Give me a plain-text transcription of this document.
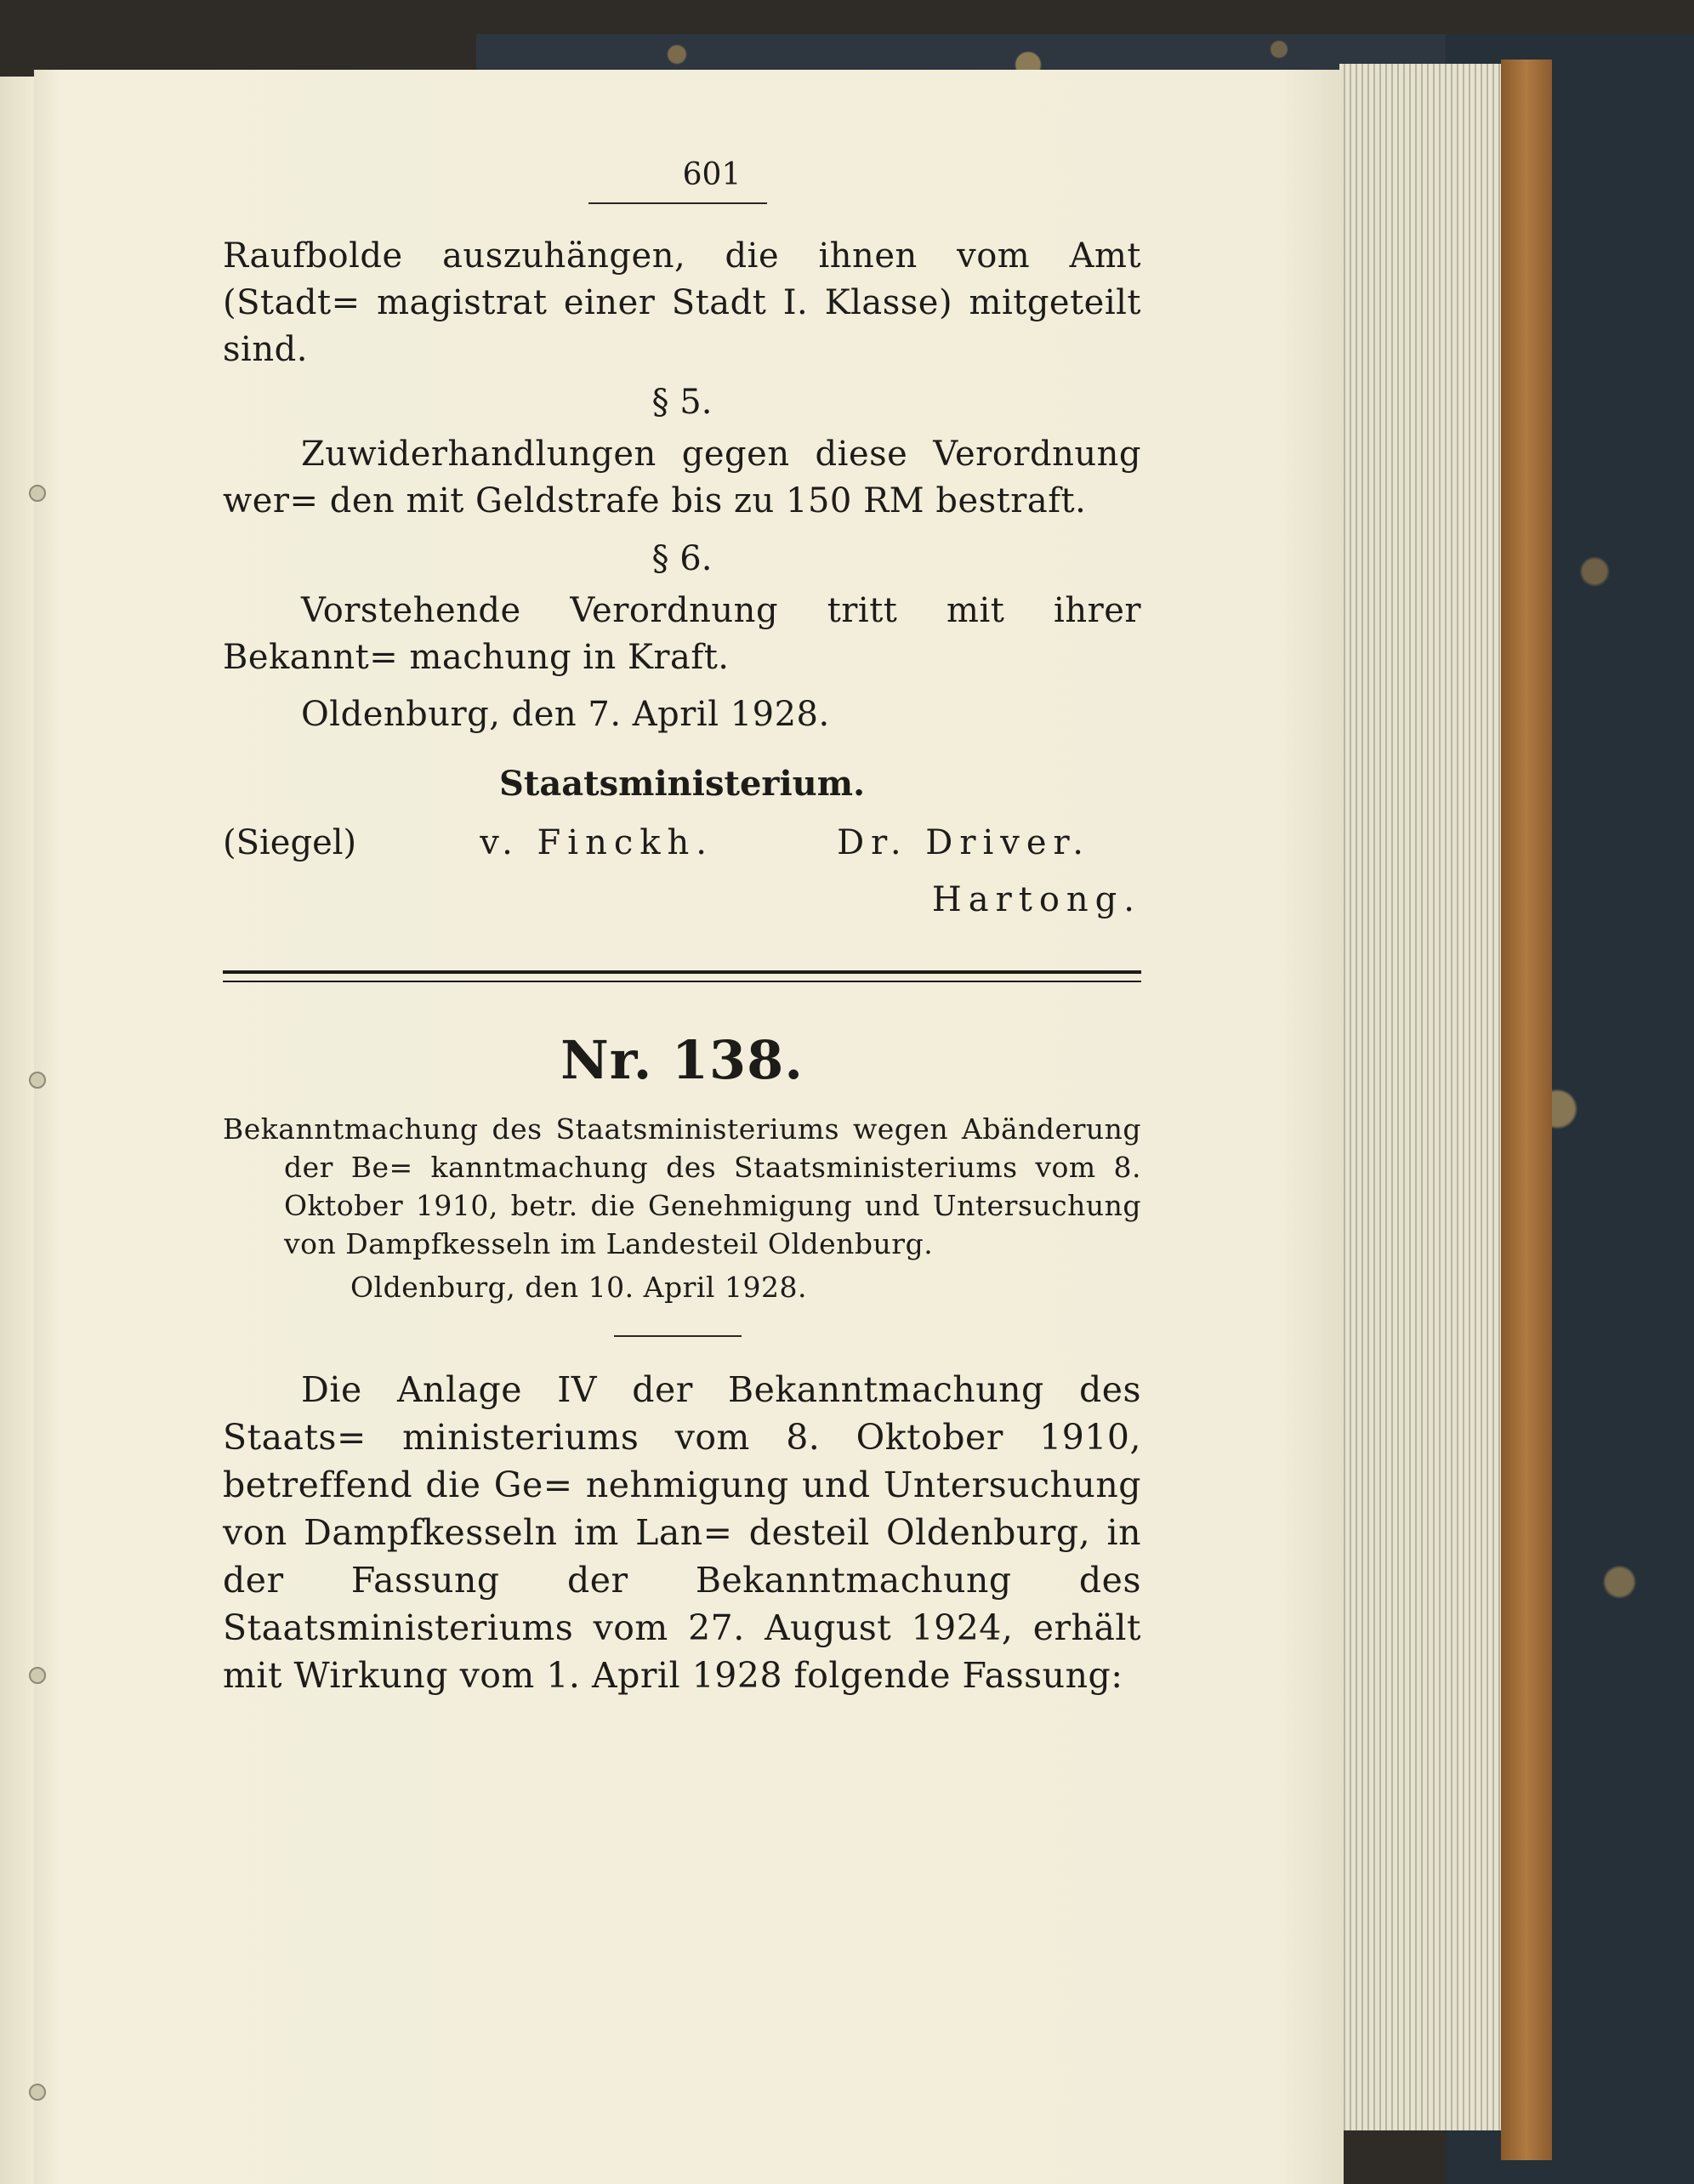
601

Raufbolde auszuhängen, die ihnen vom Amt (Stadt= magistrat einer Stadt I. Klasse) mitgeteilt sind.

§ 5.

Zuwiderhandlungen gegen diese Verordnung wer= den mit Geldstrafe bis zu 150 RM bestraft.

§ 6.

Vorstehende Verordnung tritt mit ihrer Bekannt= machung in Kraft.

Oldenburg, den 7. April 1928.

Staatsministerium.
(Siegel)	v. Finckh.	Dr. Driver.
Hartong.
Nr. 138.

Bekanntmachung des Staatsministeriums wegen Abänderung der Be= kanntmachung des Staatsministeriums vom 8. Oktober 1910, betr. die Genehmigung und Untersuchung von Dampfkesseln im Landesteil Oldenburg.

Oldenburg, den 10. April 1928.

Die Anlage IV der Bekanntmachung des Staats= ministeriums vom 8. Oktober 1910, betreffend die Ge= nehmigung und Untersuchung von Dampfkesseln im Lan= desteil Oldenburg, in der Fassung der Bekanntmachung des Staatsministeriums vom 27. August 1924, erhält mit Wirkung vom 1. April 1928 folgende Fassung:
